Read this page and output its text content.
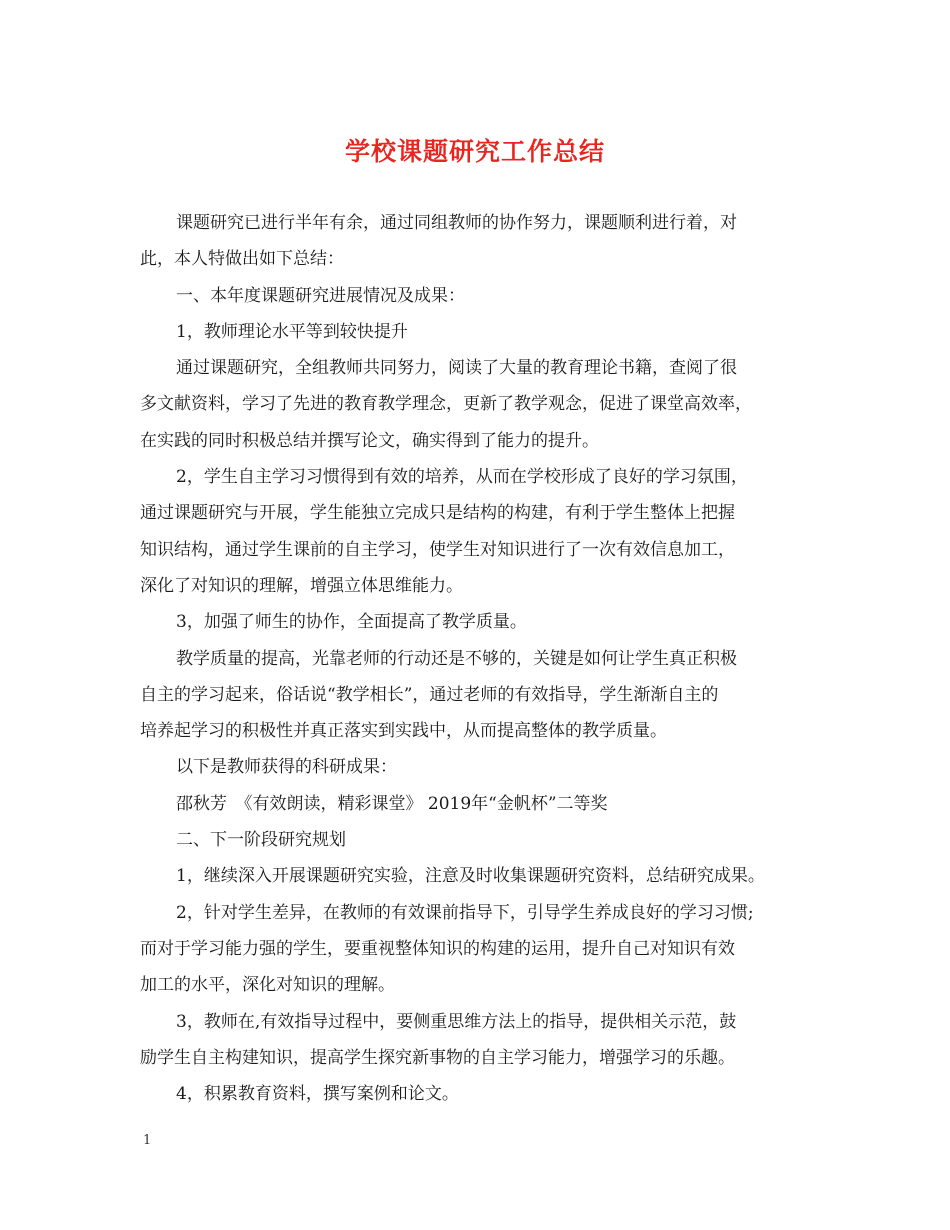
学校课题研究工作总结
课题研究已进行半年有余，通过同组教师的协作努力，课题顺利进行着，对
此，本人特做出如下总结：
一、本年度课题研究进展情况及成果：
1，教师理论水平等到较快提升
通过课题研究，全组教师共同努力，阅读了大量的教育理论书籍，查阅了很
多文献资料，学习了先进的教育教学理念，更新了教学观念，促进了课堂高效率，
在实践的同时积极总结并撰写论文，确实得到了能力的提升。
2，学生自主学习习惯得到有效的培养，从而在学校形成了良好的学习氛围，
通过课题研究与开展，学生能独立完成只是结构的构建，有利于学生整体上把握
知识结构，通过学生课前的自主学习，使学生对知识进行了一次有效信息加工，
深化了对知识的理解，增强立体思维能力。
3，加强了师生的协作，全面提高了教学质量。
教学质量的提高，光靠老师的行动还是不够的，关键是如何让学生真正积极
自主的学习起来，俗话说“教学相长”，通过老师的有效指导，学生渐渐自主的
培养起学习的积极性并真正落实到实践中，从而提高整体的教学质量。
以下是教师获得的科研成果：
邵秋芳　《有效朗读，精彩课堂》 2019年“金帆杯”二等奖
二、下一阶段研究规划
1，继续深入开展课题研究实验，注意及时收集课题研究资料，总结研究成果。
2，针对学生差异，在教师的有效课前指导下，引导学生养成良好的学习习惯;
而对于学习能力强的学生，要重视整体知识的构建的运用，提升自己对知识有效
加工的水平，深化对知识的理解。
3，教师在,有效指导过程中，要侧重思维方法上的指导，提供相关示范，鼓
励学生自主构建知识，提高学生探究新事物的自主学习能力，增强学习的乐趣。
4，积累教育资料，撰写案例和论文。
1
